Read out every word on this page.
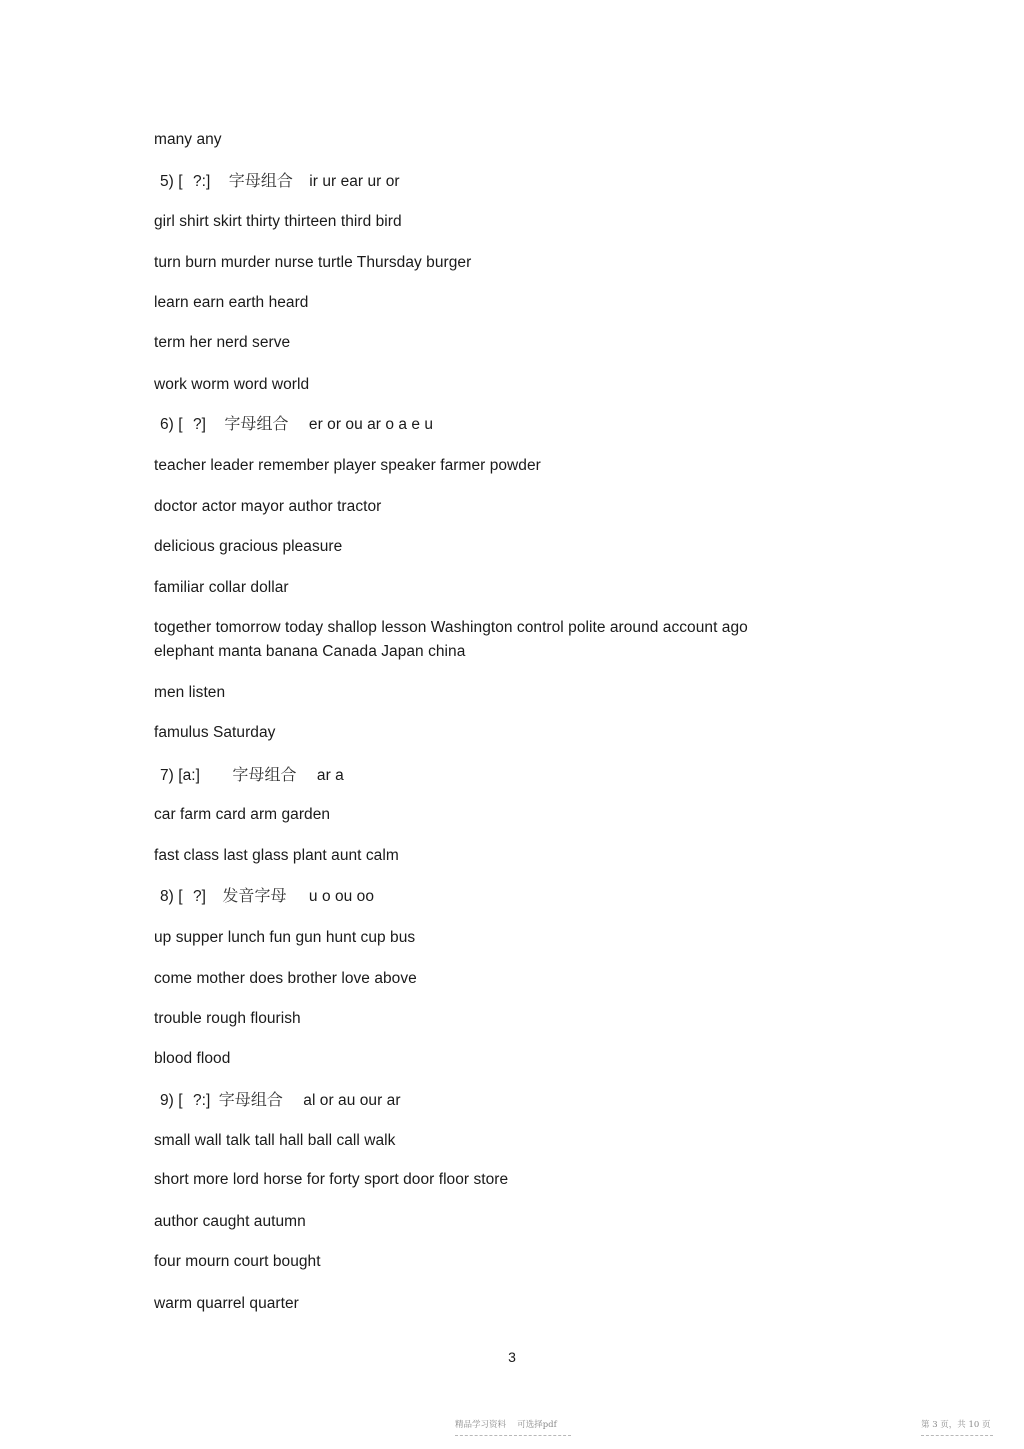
many any
5) [ ?:] 字母组合 ir ur ear ur or
girl shirt skirt thirty thirteen third bird
turn burn murder nurse turtle Thursday burger
learn earn earth heard
term her nerd serve
work worm word world
6) [ ?] 字母组合 er or ou ar o a e u
teacher leader remember player speaker farmer powder
doctor actor mayor author tractor
delicious gracious pleasure
familiar collar dollar
together tomorrow today shallop lesson Washington control polite around account ago
elephant manta banana Canada Japan china
men listen
famulus Saturday
7) [a:] 字母组合 ar a
car farm card arm garden
fast class last glass plant aunt calm
8) [ ?] 发音字母 u o ou oo
up supper lunch fun gun hunt cup bus
come mother does brother love above
trouble rough flourish
blood flood
9) [ ?:] 字母组合 al or au our ar
small wall talk tall hall ball call walk
short more lord horse for forty sport door floor store
author caught autumn
four mourn court bought
warm quarrel quarter
3
精品学习资料　 可选择pdf	第 3 页，共 10 页
